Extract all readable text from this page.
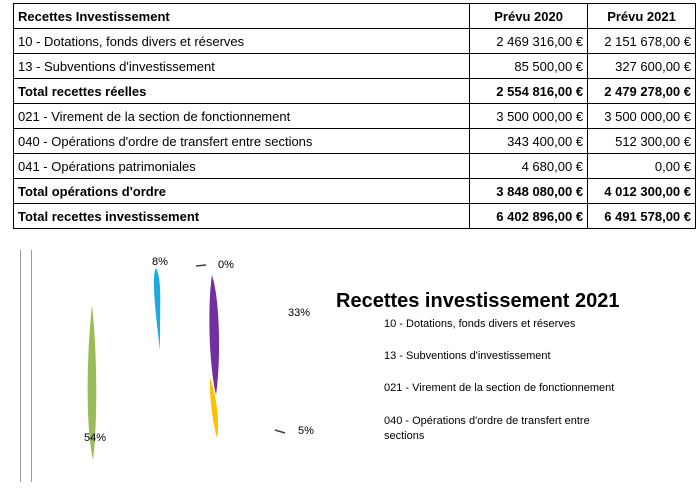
Recettes Investissement	Prévu 2020	Prévu 2021
10 - Dotations, fonds divers et réserves	2 469 316,00 €	2 151 678,00 €
13 - Subventions d'investissement	85 500,00 €	327 600,00 €
Total recettes réelles	2 554 816,00 €	2 479 278,00 €
021 - Virement de la section de fonctionnement	3 500 000,00 €	3 500 000,00 €
040 - Opérations d'ordre de transfert entre sections	343 400,00 €	512 300,00 €
041 - Opérations patrimoniales	4 680,00 €	0,00 €
Total opérations d'ordre	3 848 080,00 €	4 012 300,00 €
Total recettes investissement	6 402 896,00 €	6 491 578,00 €
54%
8%	0%
33%
5%
Recettes investissement 2021
10 - Dotations, fonds divers et réserves
13 - Subventions d'investissement
021 - Virement de la section de fonctionnement
040 - Opérations d'ordre de transfert entre sections
